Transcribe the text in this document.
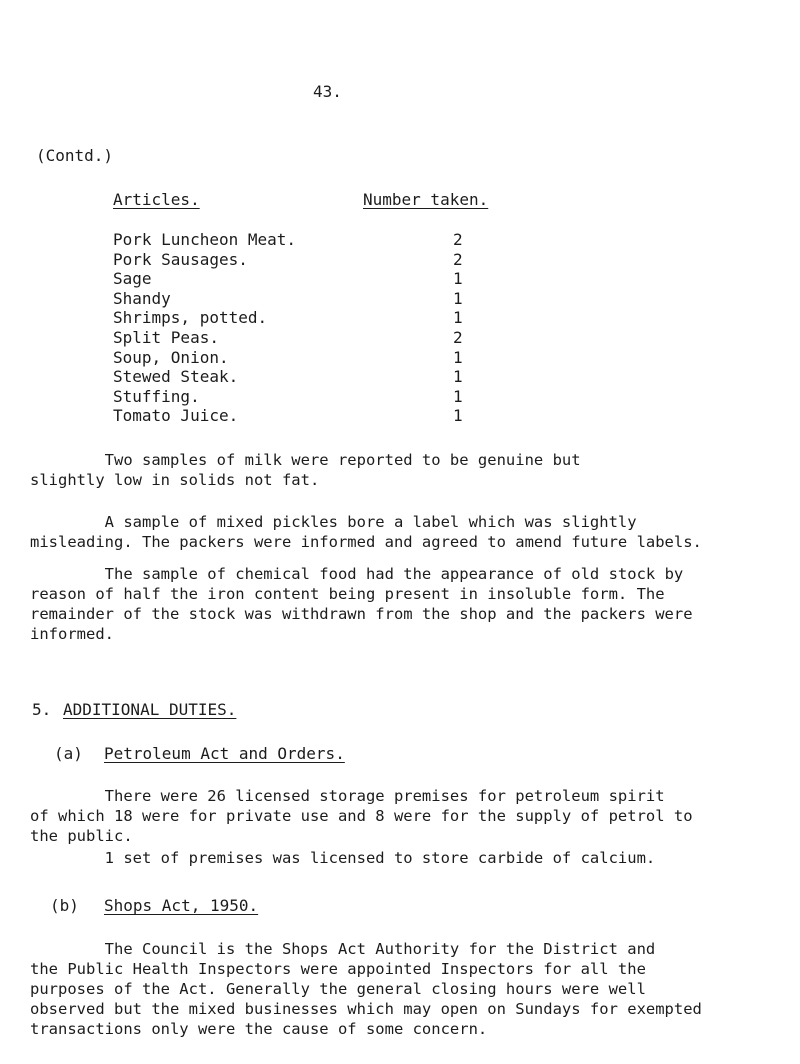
43.
(Contd.)
Articles.	Number taken.
Pork Luncheon Meat.	2
Pork Sausages.	2
Sage	1
Shandy	1
Shrimps, potted.	1
Split Peas.	2
Soup, Onion.	1
Stewed Steak.	1
Stuffing.	1
Tomato Juice.	1
Two samples of milk were reported to be genuine but
slightly low in solids not fat.
A sample of mixed pickles bore a label which was slightly
misleading. The packers were informed and agreed to amend future labels.
The sample of chemical food had the appearance of old stock by
reason of half the iron content being present in insoluble form. The
remainder of the stock was withdrawn from the shop and the packers were
informed.
5. ADDITIONAL DUTIES.
(a) Petroleum Act and Orders.
There were 26 licensed storage premises for petroleum spirit
of which 18 were for private use and 8 were for the supply of petrol to
the public.
1 set of premises was licensed to store carbide of calcium.
(b) Shops Act, 1950.
The Council is the Shops Act Authority for the District and
the Public Health Inspectors were appointed Inspectors for all the
purposes of the Act. Generally the general closing hours were well
observed but the mixed businesses which may open on Sundays for exempted
transactions only were the cause of some concern.
